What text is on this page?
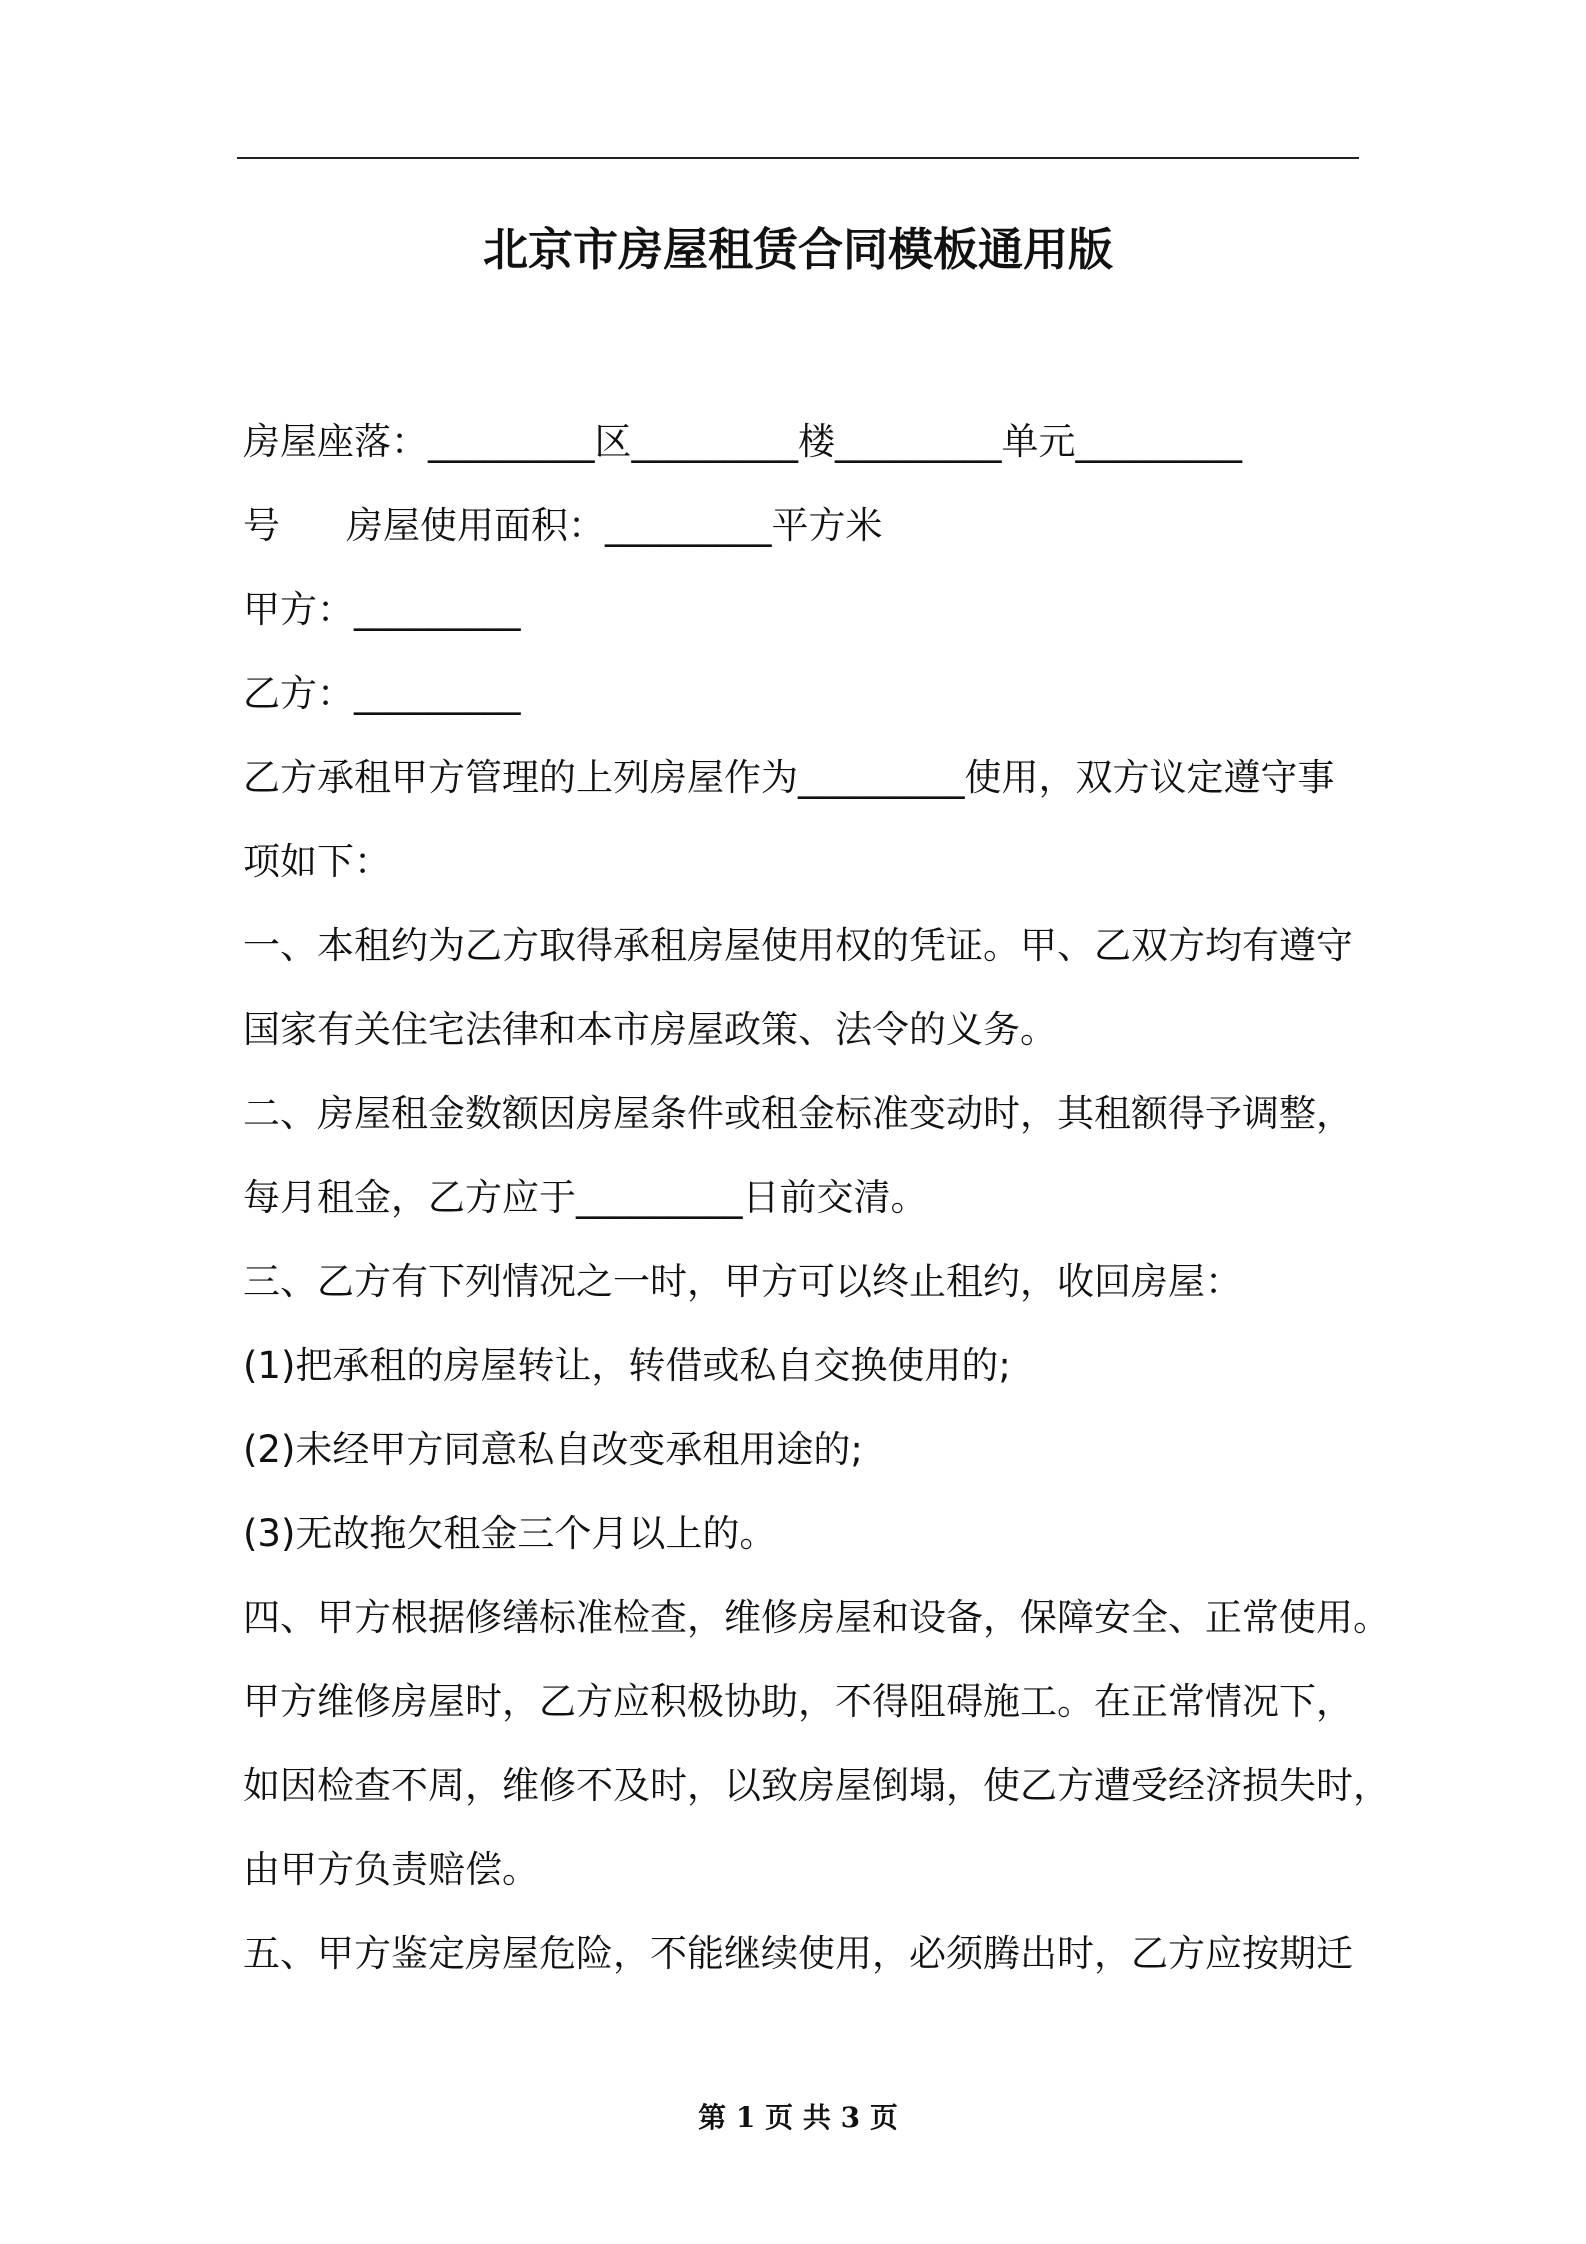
北京市房屋租赁合同模板通用版
房屋座落：_________区_________楼_________单元_________
号 房屋使用面积：_________平方米
甲方：_________
乙方：_________
乙方承租甲方管理的上列房屋作为_________使用，双方议定遵守事
项如下：
一、本租约为乙方取得承租房屋使用权的凭证。甲、乙双方均有遵守
国家有关住宅法律和本市房屋政策、法令的义务。
二、房屋租金数额因房屋条件或租金标准变动时，其租额得予调整，
每月租金，乙方应于_________日前交清。
三、乙方有下列情况之一时，甲方可以终止租约，收回房屋：
(1)把承租的房屋转让，转借或私自交换使用的;
(2)未经甲方同意私自改变承租用途的;
(3)无故拖欠租金三个月以上的。
四、甲方根据修缮标准检查，维修房屋和设备，保障安全、正常使用。
甲方维修房屋时，乙方应积极协助，不得阻碍施工。在正常情况下，
如因检查不周，维修不及时，以致房屋倒塌，使乙方遭受经济损失时，
由甲方负责赔偿。
五、甲方鉴定房屋危险，不能继续使用，必须腾出时，乙方应按期迁
第 1 页 共 3 页
